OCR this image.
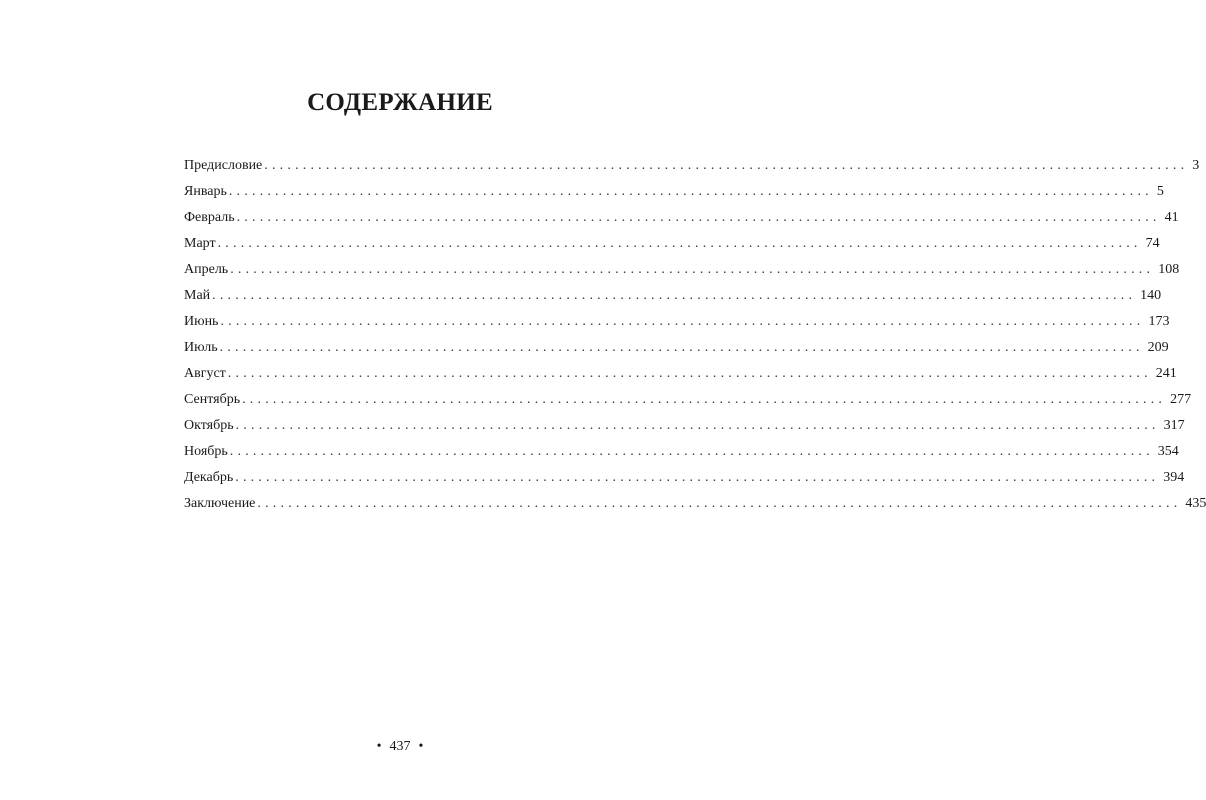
СОДЕРЖАНИЕ
Предисловие ........................................................................................................................ 3
Январь ........................................................................................................................ 5
Февраль ........................................................................................................................ 41
Март ........................................................................................................................ 74
Апрель ........................................................................................................................ 108
Май ........................................................................................................................ 140
Июнь ........................................................................................................................ 173
Июль ........................................................................................................................ 209
Август ........................................................................................................................ 241
Сентябрь ........................................................................................................................ 277
Октябрь ........................................................................................................................ 317
Ноябрь ........................................................................................................................ 354
Декабрь ........................................................................................................................ 394
Заключение ........................................................................................................................ 435
• 437 •
